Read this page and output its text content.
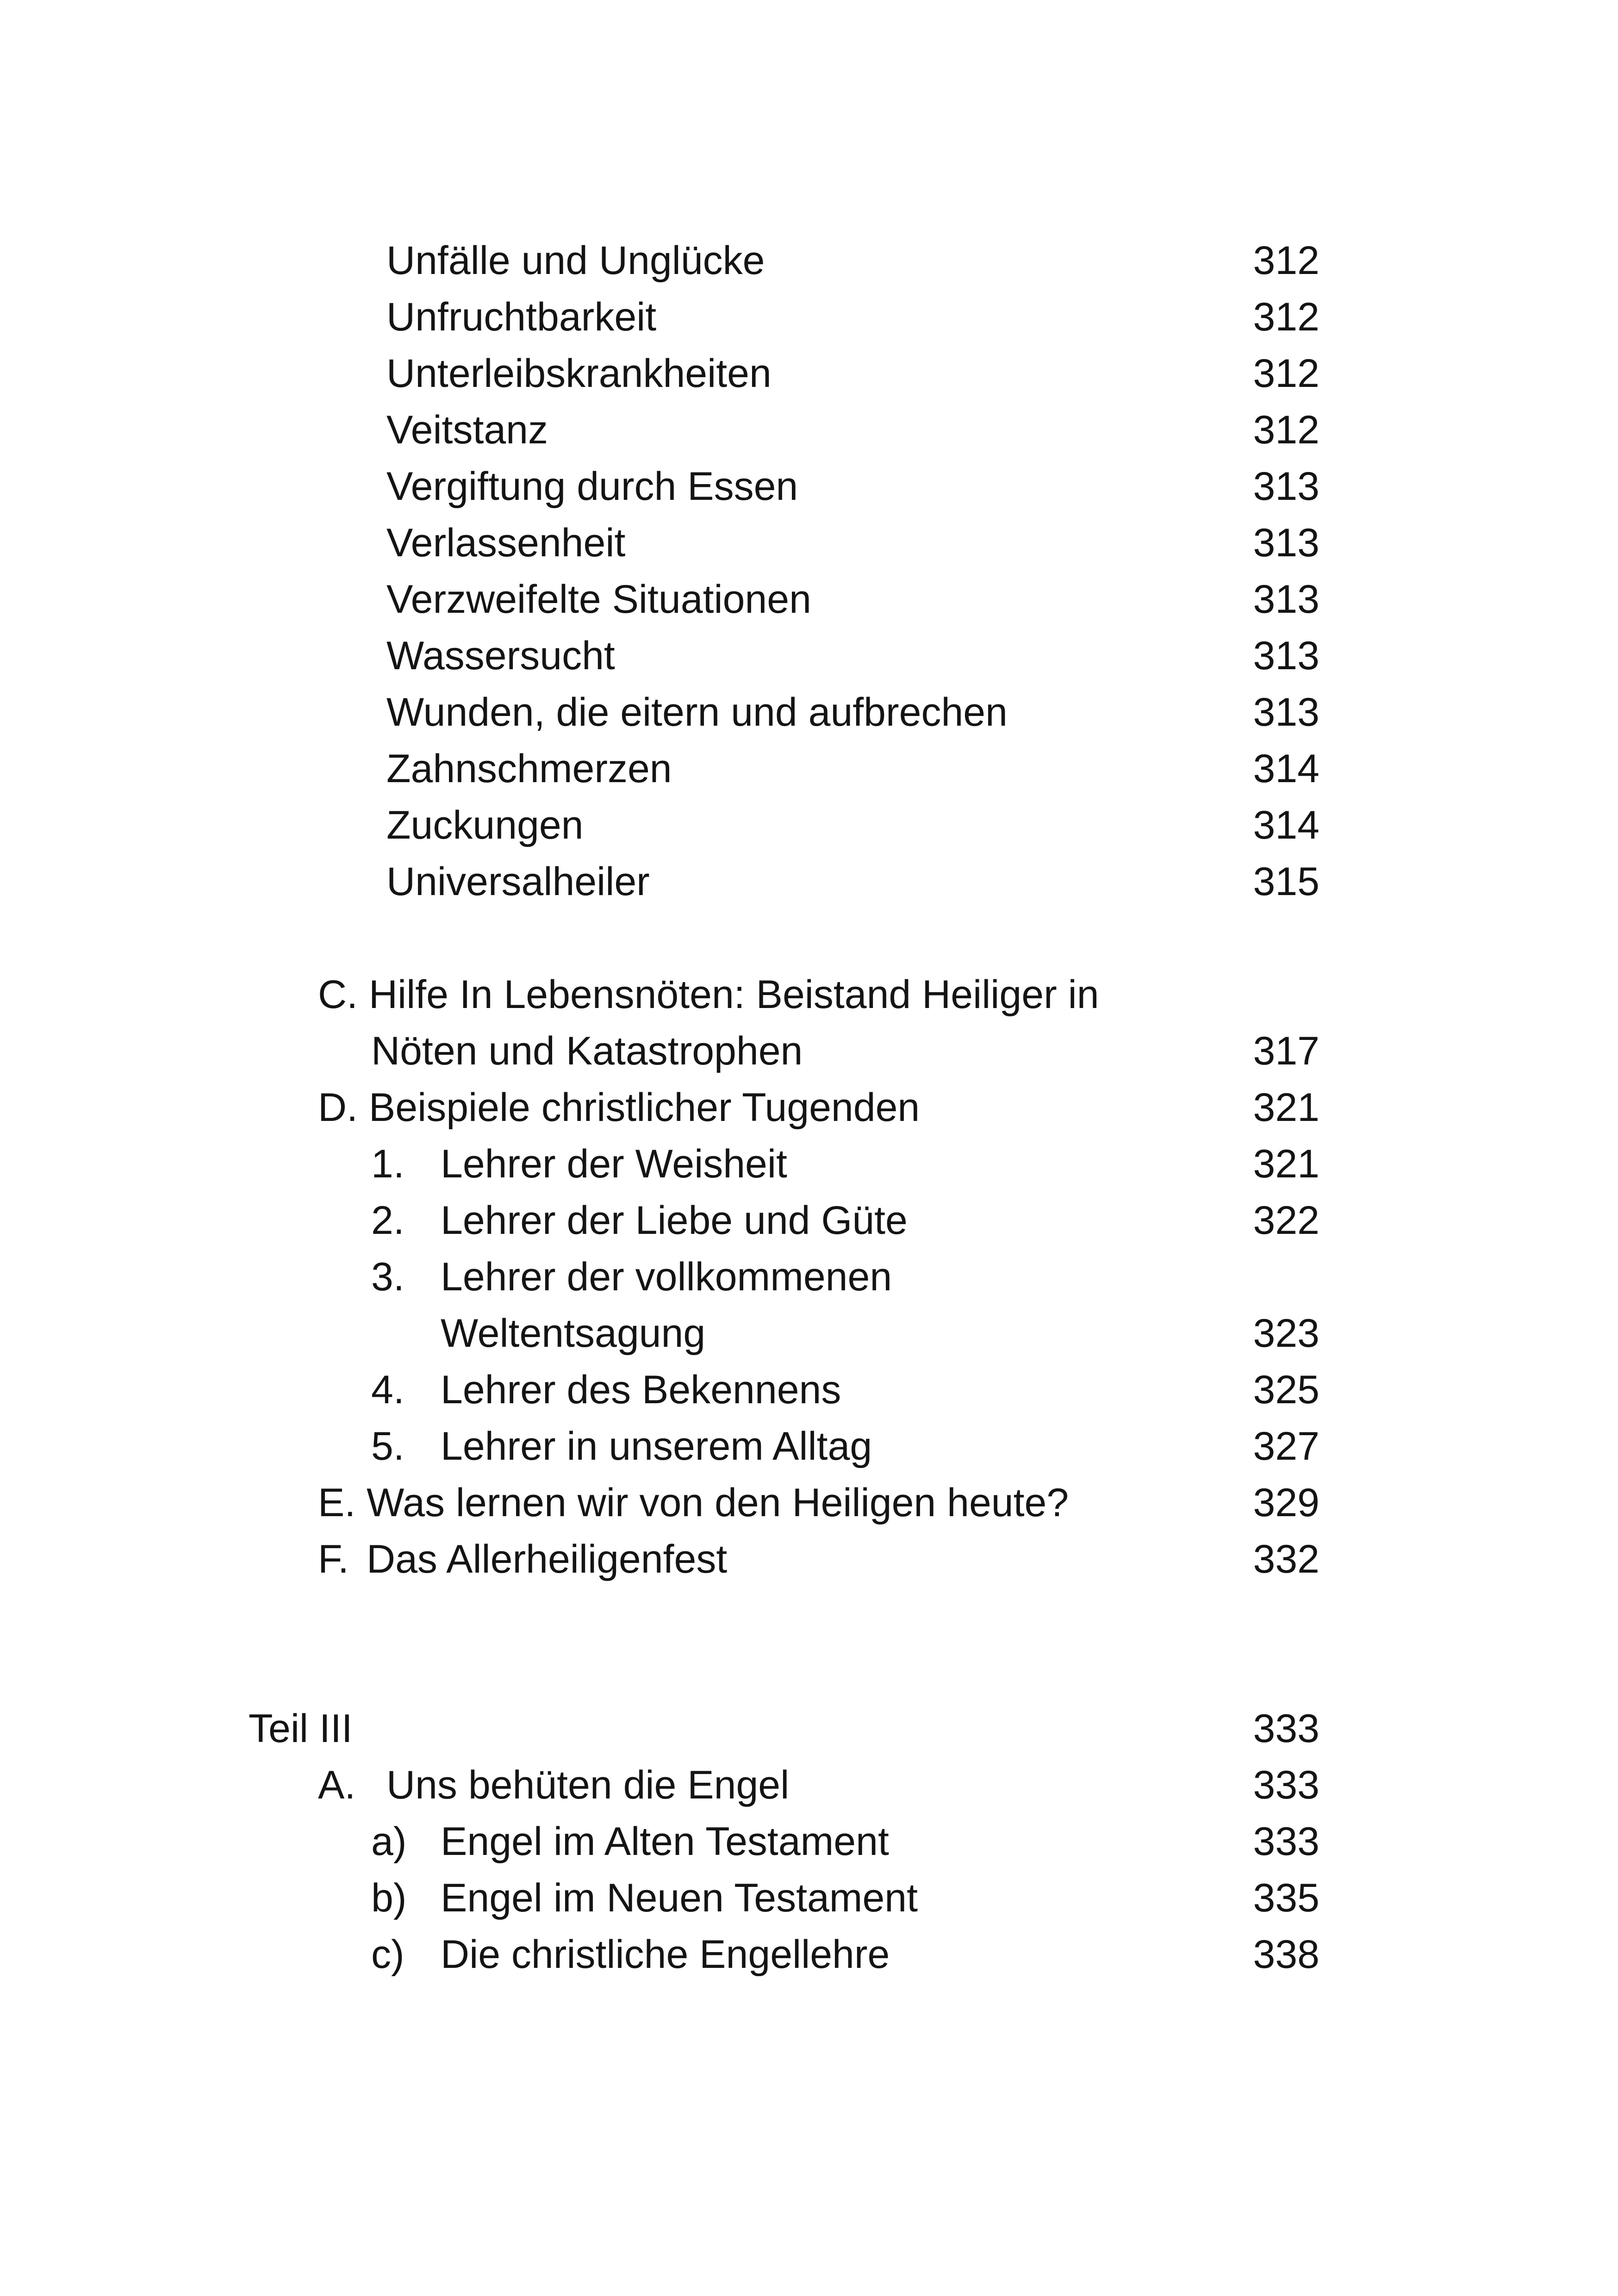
Unfälle und Unglücke	312
Unfruchtbarkeit	312
Unterleibskrankheiten	312
Veitstanz	312
Vergiftung durch Essen	313
Verlassenheit	313
Verzweifelte Situationen	313
Wassersucht	313
Wunden, die eitern und aufbrechen	313
Zahnschmerzen	314
Zuckungen	314
Universalheiler	315
C. Hilfe In Lebensnöten: Beistand Heiliger in
Nöten und Katastrophen	317
D. Beispiele christlicher Tugenden	321
1. Lehrer der Weisheit	321
2. Lehrer der Liebe und Güte	322
3. Lehrer der vollkommenen
Weltentsagung	323
4. Lehrer des Bekennens	325
5. Lehrer in unserem Alltag	327
E. Was lernen wir von den Heiligen heute?	329
F. Das Allerheiligenfest	332
Teil III	333
A. Uns behüten die Engel	333
a) Engel im Alten Testament	333
b) Engel im Neuen Testament	335
c) Die christliche Engellehre	338
